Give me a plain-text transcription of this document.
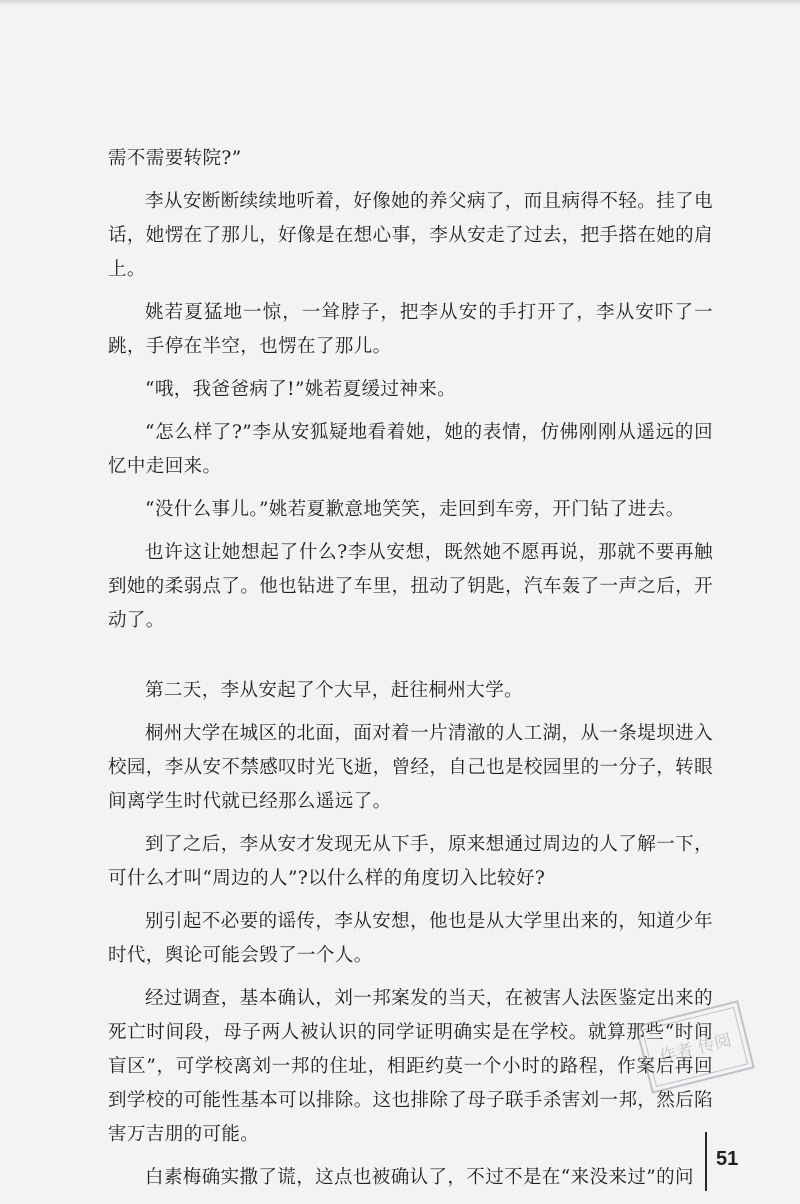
需不需要转院?”

李从安断断续续地听着，好像她的养父病了，而且病得不轻。挂了电话，她愣在了那儿，好像是在想心事，李从安走了过去，把手搭在她的肩上。

姚若夏猛地一惊，一耸脖子，把李从安的手打开了，李从安吓了一跳，手停在半空，也愣在了那儿。

“哦，我爸爸病了!”姚若夏缓过神来。

“怎么样了?”李从安狐疑地看着她，她的表情，仿佛刚刚从遥远的回忆中走回来。

“没什么事儿。”姚若夏歉意地笑笑，走回到车旁，开门钻了进去。

也许这让她想起了什么?李从安想，既然她不愿再说，那就不要再触到她的柔弱点了。他也钻进了车里，扭动了钥匙，汽车轰了一声之后，开动了。

第二天，李从安起了个大早，赶往桐州大学。

桐州大学在城区的北面，面对着一片清澈的人工湖，从一条堤坝进入校园，李从安不禁感叹时光飞逝，曾经，自己也是校园里的一分子，转眼间离学生时代就已经那么遥远了。

到了之后，李从安才发现无从下手，原来想通过周边的人了解一下，可什么才叫“周边的人”?以什么样的角度切入比较好?

别引起不必要的谣传，李从安想，他也是从大学里出来的，知道少年时代，舆论可能会毁了一个人。

经过调查，基本确认，刘一邦案发的当天，在被害人法医鉴定出来的死亡时间段，母子两人被认识的同学证明确实是在学校。就算那些“时间盲区”，可学校离刘一邦的住址，相距约莫一个小时的路程，作案后再回到学校的可能性基本可以排除。这也排除了母子联手杀害刘一邦，然后陷害万吉朋的可能。

白素梅确实撒了谎，这点也被确认了，不过不是在“来没来过”的问

作者 传阅
51
